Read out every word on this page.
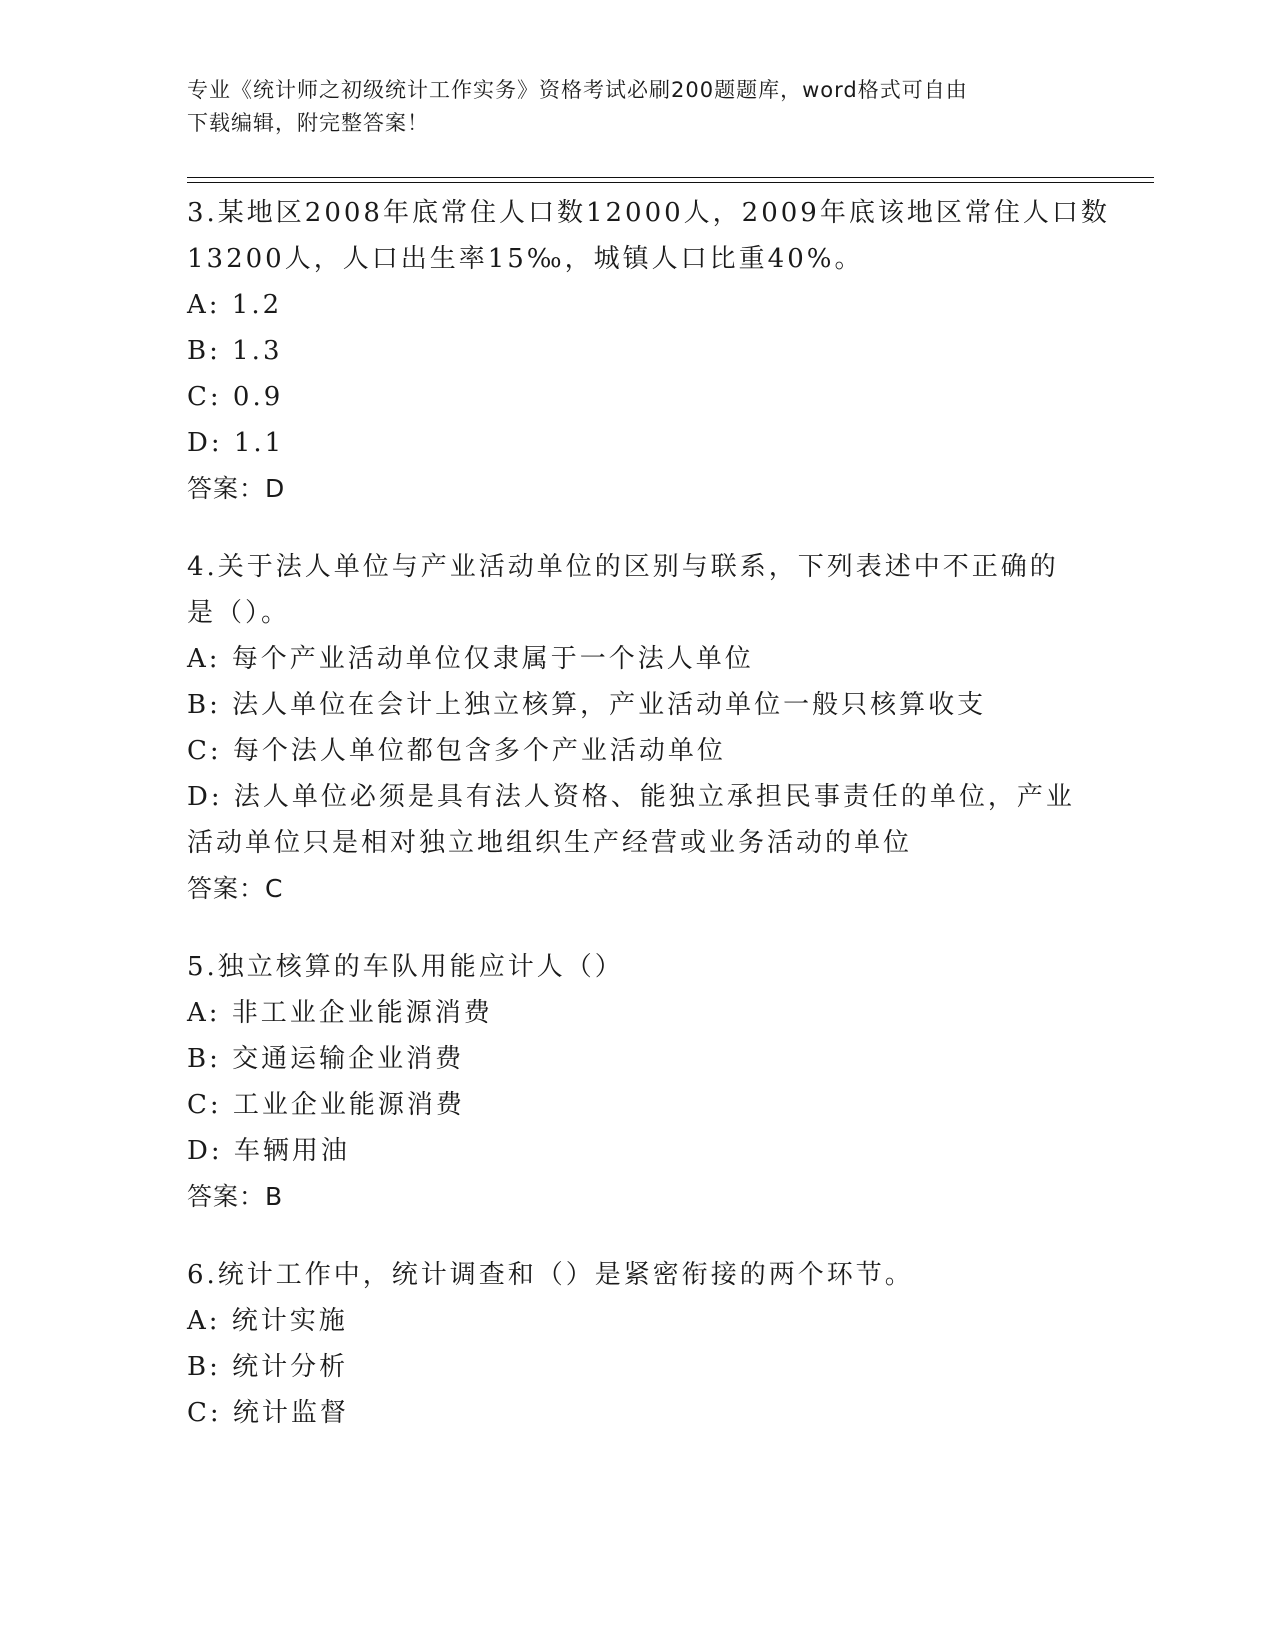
专业《统计师之初级统计工作实务》资格考试必刷200题题库，word格式可自由
下载编辑，附完整答案！
3.某地区2008年底常住人口数12000人，2009年底该地区常住人口数
13200人，人口出生率15‰，城镇人口比重40%。
A: 1.2
B: 1.3
C: 0.9
D: 1.1
答案：D
4.关于法人单位与产业活动单位的区别与联系，下列表述中不正确的
是（）。
A: 每个产业活动单位仅隶属于一个法人单位
B: 法人单位在会计上独立核算，产业活动单位一般只核算收支
C: 每个法人单位都包含多个产业活动单位
D: 法人单位必须是具有法人资格、能独立承担民事责任的单位，产业
活动单位只是相对独立地组织生产经营或业务活动的单位
答案：C
5.独立核算的车队用能应计人（）
A: 非工业企业能源消费
B: 交通运输企业消费
C: 工业企业能源消费
D: 车辆用油
答案：B
6.统计工作中，统计调查和（）是紧密衔接的两个环节。
A: 统计实施
B: 统计分析
C: 统计监督
